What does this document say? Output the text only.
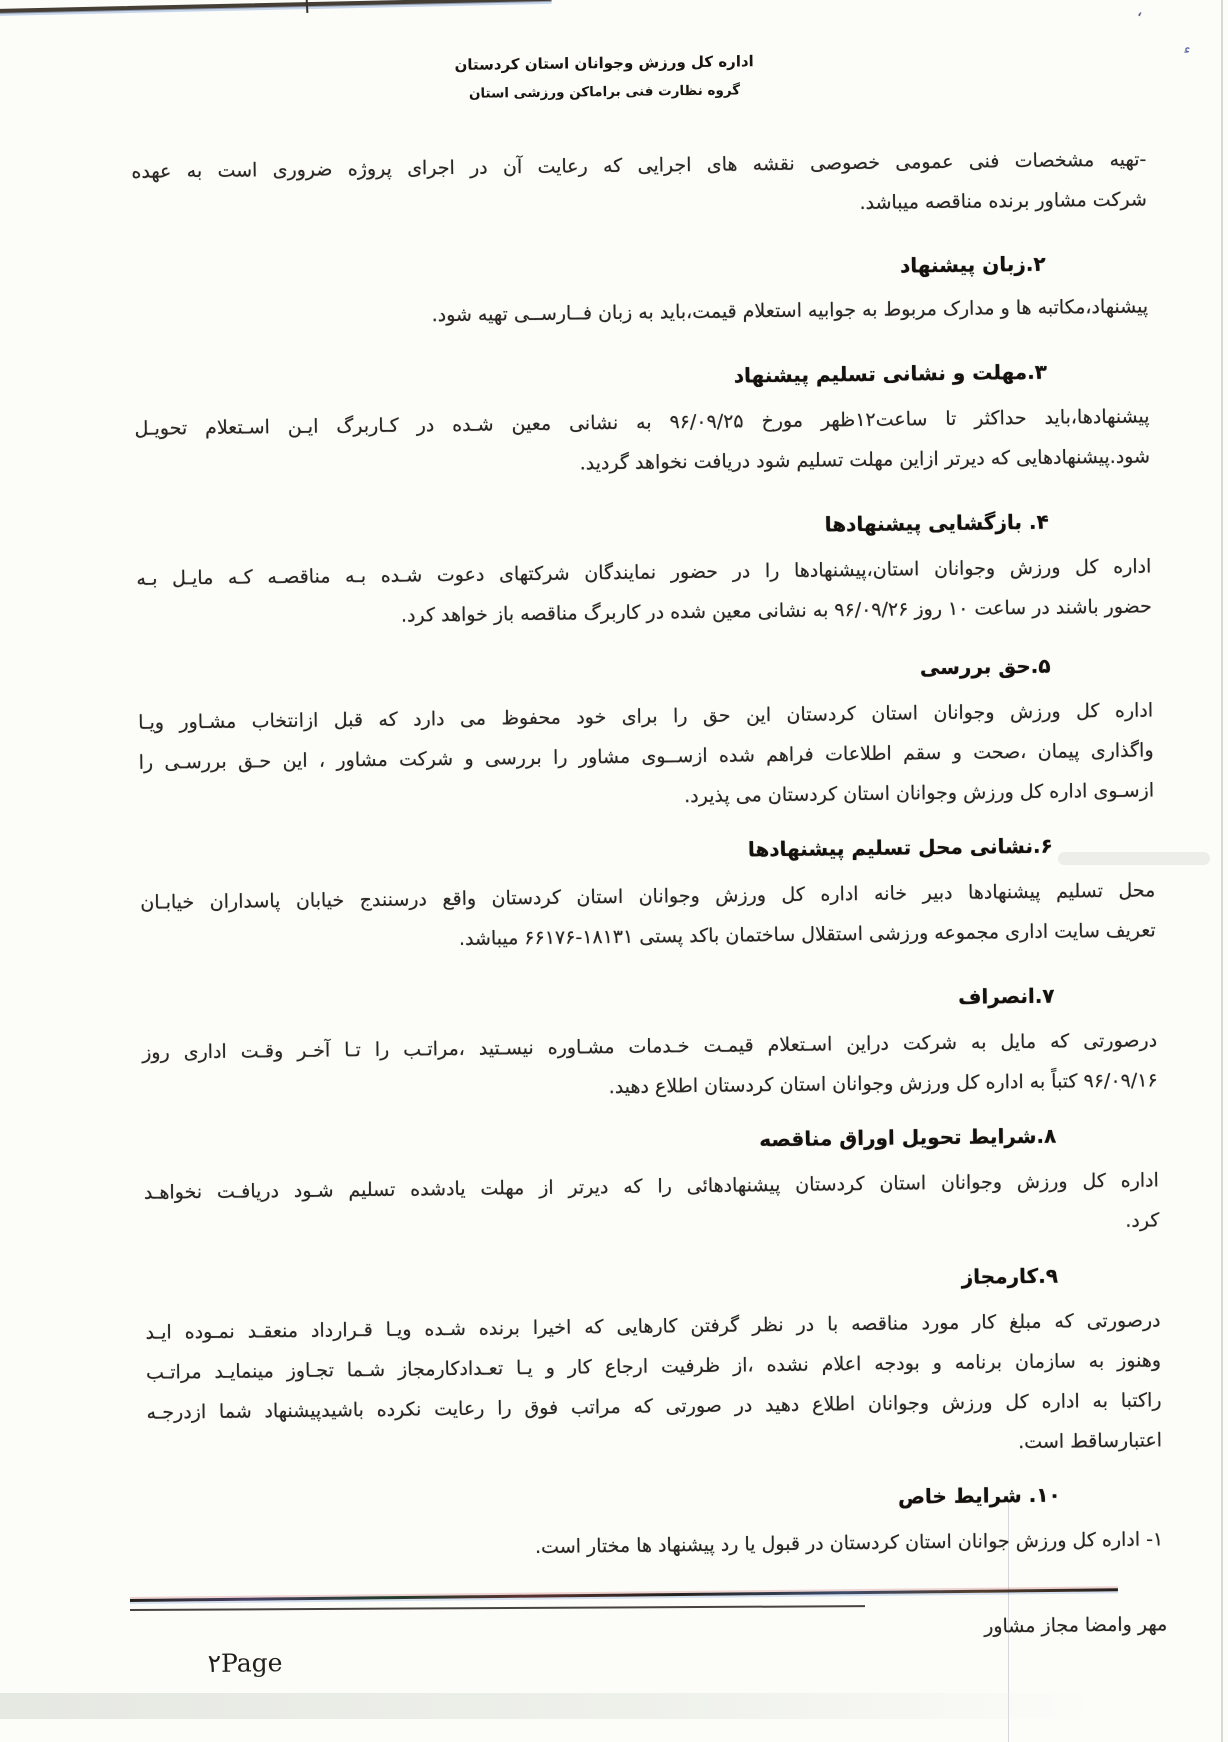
،
ء
اداره کل ورزش وجوانان استان کردستان
گروه نظارت فنی براماکن ورزشی استان
-تهیه مشخصات فنی عمومی خصوصی نقشه های اجرایی که رعایت آن در اجرای پروژه ضروری است به عهده
شرکت مشاور برنده مناقصه میباشد.
۲.زبان پیشنهاد
پیشنهاد،مکاتبه ها و مدارک مربوط به جوابیه استعلام قیمت،باید به زبان فــارســی تهیه شود.
۳.مهلت و نشانی تسلیم پیشنهاد
پیشنهادها،باید حداکثر تا ساعت۱۲ظهر مورخ ۹۶/۰۹/۲۵ به نشانی معین شـده در کـاربرگ ایـن اسـتعلام تحویـل
شود.پیشنهادهایی که دیرتر ازاین مهلت تسلیم شود دریافت نخواهد گردید.
۴. بازگشایی پیشنهادها
اداره کل ورزش وجوانان استان،پیشنهادها را در حضور نمایندگان شرکتهای دعوت شـده بـه مناقصـه کـه مایـل بـه
حضور باشند در ساعت ۱۰ روز ۹۶/۰۹/۲۶ به نشانی معین شده در کاربرگ مناقصه باز خواهد کرد.
۵.حق بررسی
اداره کل ورزش وجوانان استان کردستان این حق را برای خود محفوظ می دارد که قبل ازانتخاب مشـاور ویـا
واگذاری پیمان ،صحت و سقم اطلاعات فراهم شده ازســوی مشاور را بررسی و شرکت مشاور ، این حـق بررسـی را
ازسـوی اداره کل ورزش وجوانان استان کردستان می پذیرد.
۶.نشانی محل تسلیم پیشنهادها
محل تسلیم پیشنهادها دبیر خانه اداره کل ورزش وجوانان استان کردستان واقع درسنندج خیابان پاسداران خیابـان
تعریف سایت اداری مجموعه ورزشی استقلال ساختمان باکد پستی ۱۸۱۳۱-۶۶۱۷۶ میباشد.
۷.انصراف
درصورتی که مایل به شرکت دراین اسـتعلام قیمـت خـدمات مشـاوره نیسـتید ،مراتـب را تـا آخـر وقـت اداری روز
۹۶/۰۹/۱۶ کتباً به اداره کل ورزش وجوانان استان کردستان اطلاع دهید.
۸.شرایط تحویل اوراق مناقصه
اداره کل ورزش وجوانان استان کردستان پیشنهادهائی را که دیرتر از مهلت یادشده تسلیم شـود دریافـت نخواهـد
کرد.
۹.کارمجاز
درصورتی که مبلغ کار مورد مناقصه با در نظر گرفتن کارهایی که اخیرا برنده شـده ویـا قـرارداد منعقـد نمـوده ایـد
وهنوز به سازمان برنامه و بودجه اعلام نشده ،از ظرفیت ارجاع کار و یـا تعـدادکارمجاز شـما تجـاوز مینمایـد مراتـب
راکتبا به اداره کل ورزش وجوانان اطلاع دهید در صورتی که مراتب فوق را رعایت نکرده باشیدپیشنهاد شما ازدرجـه
اعتبارساقط است.
۱۰. شرایط خاص
۱- اداره کل ورزش جوانان استان کردستان در قبول یا رد پیشنهاد ها مختار است.
مهر وامضا مجاز مشاور
۲Page
